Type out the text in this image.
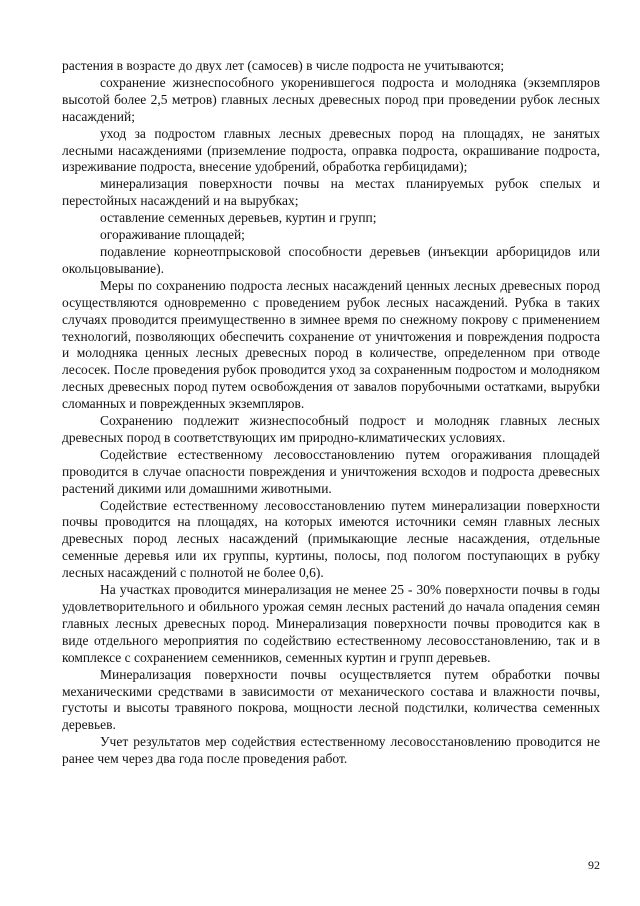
растения в возрасте до двух лет (самосев) в числе подроста не учитываются;

сохранение жизнеспособного укоренившегося подроста и молодняка (экземпляров высотой более 2,5 метров) главных лесных древесных пород при проведении рубок лесных насаждений;

уход за подростом главных лесных древесных пород на площадях, не занятых лесными насаждениями (приземление подроста, оправка подроста, окрашивание подроста, изреживание подроста, внесение удобрений, обработка гербицидами);

минерализация поверхности почвы на местах планируемых рубок спелых и перестойных насаждений и на вырубках;

оставление семенных деревьев, куртин и групп;

огораживание площадей;

подавление корнеотпрысковой способности деревьев (инъекции арборицидов или окольцовывание).

Меры по сохранению подроста лесных насаждений ценных лесных древесных пород осуществляются одновременно с проведением рубок лесных насаждений. Рубка в таких случаях проводится преимущественно в зимнее время по снежному покрову с применением технологий, позволяющих обеспечить сохранение от уничтожения и повреждения подроста и молодняка ценных лесных древесных пород в количестве, определенном при отводе лесосек. После проведения рубок проводится уход за сохраненным подростом и молодняком лесных древесных пород путем освобождения от завалов порубочными остатками, вырубки сломанных и поврежденных экземпляров.

Сохранению подлежит жизнеспособный подрост и молодняк главных лесных древесных пород в соответствующих им природно-климатических условиях.

Содействие естественному лесовосстановлению путем огораживания площадей проводится в случае опасности повреждения и уничтожения всходов и подроста древесных растений дикими или домашними животными.

Содействие естественному лесовосстановлению путем минерализации поверхности почвы проводится на площадях, на которых имеются источники семян главных лесных древесных пород лесных насаждений (примыкающие лесные насаждения, отдельные семенные деревья или их группы, куртины, полосы, под пологом поступающих в рубку лесных насаждений с полнотой не более 0,6).

На участках проводится минерализация не менее 25 - 30% поверхности почвы в годы удовлетворительного и обильного урожая семян лесных растений до начала опадения семян главных лесных древесных пород. Минерализация поверхности почвы проводится как в виде отдельного мероприятия по содействию естественному лесовосстановлению, так и в комплексе с сохранением семенников, семенных куртин и групп деревьев.

Минерализация поверхности почвы осуществляется путем обработки почвы механическими средствами в зависимости от механического состава и влажности почвы, густоты и высоты травяного покрова, мощности лесной подстилки, количества семенных деревьев.

Учет результатов мер содействия естественному лесовосстановлению проводится не ранее чем через два года после проведения работ.

92
